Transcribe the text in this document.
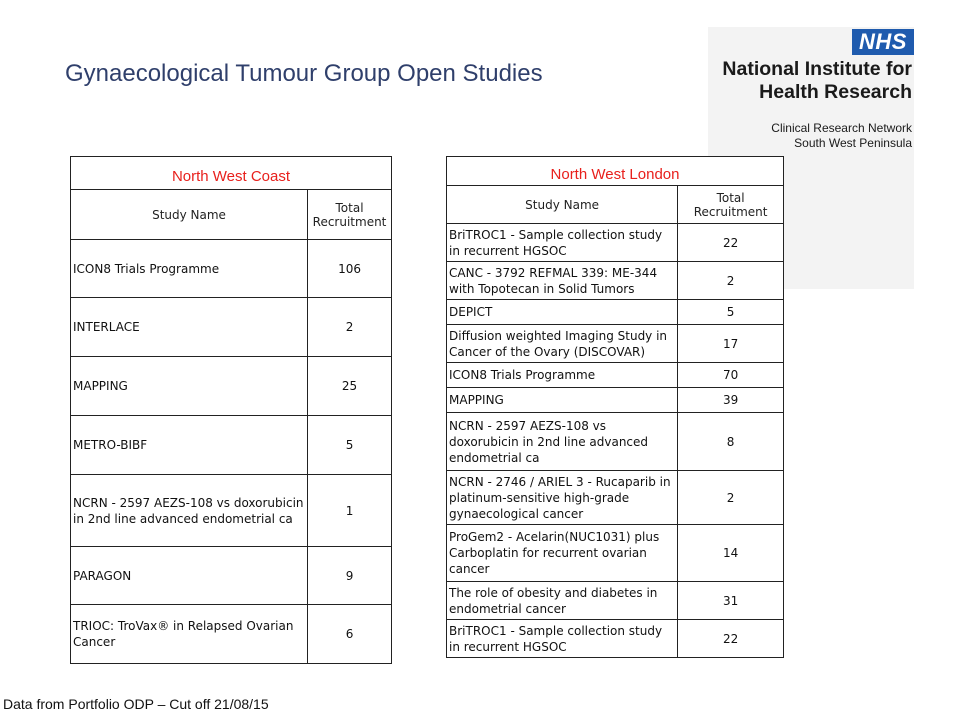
Gynaecological Tumour Group Open Studies
NHS
National Institute for
Health Research
Clinical Research Network
South West Peninsula
North West Coast	
Study Name	Total Recruitment
ICON8 Trials Programme	106
INTERLACE	2
MAPPING	25
METRO-BIBF	5
NCRN - 2597 AEZS-108 vs doxorubicin in 2nd line advanced endometrial ca	1
PARAGON	9
TRIOC: TroVax® in Relapsed Ovarian Cancer	6
North West London	
Study Name	Total Recruitment
BriTROC1 - Sample collection study in recurrent HGSOC	22
CANC - 3792 REFMAL 339: ME-344 with Topotecan in Solid Tumors	2
DEPICT	5
Diffusion weighted Imaging Study in Cancer of the Ovary (DISCOVAR)	17
ICON8 Trials Programme	70
MAPPING	39
NCRN - 2597 AEZS-108 vs doxorubicin in 2nd line advanced endometrial ca	8
NCRN - 2746 / ARIEL 3 - Rucaparib in platinum-sensitive high-grade gynaecological cancer	2
ProGem2 - Acelarin(NUC1031) plus Carboplatin for recurrent ovarian cancer	14
The role of obesity and diabetes in endometrial cancer	31
BriTROC1 - Sample collection study in recurrent HGSOC	22
Data from Portfolio ODP – Cut off 21/08/15
